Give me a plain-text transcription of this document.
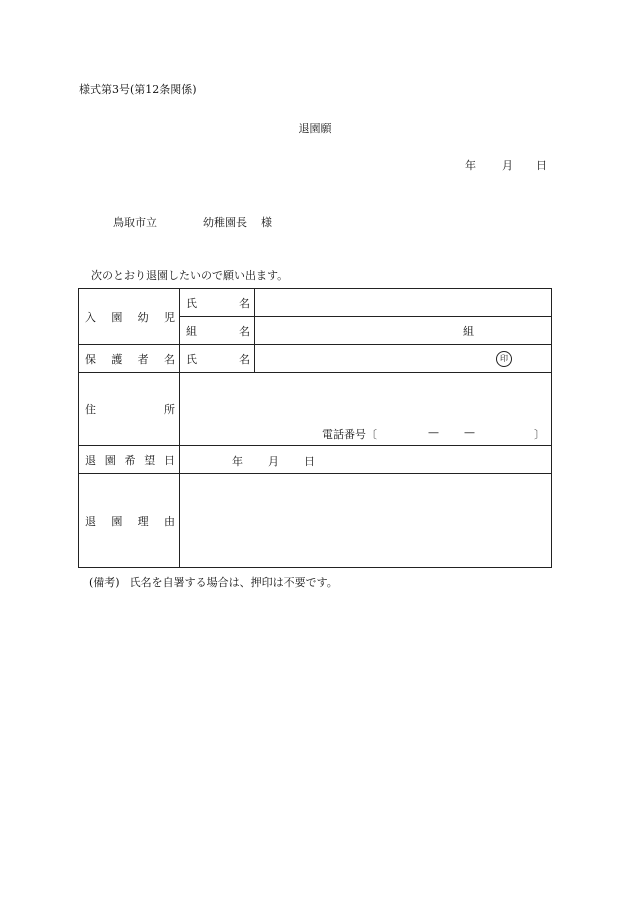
様式第3号(第12条関係)
退園願
年 月 日
鳥取市立	幼稚園長 様
次のとおり退園したいので願い出ます。
入 園 幼 児	氏 名	

	組 名	組

保 護 者 名	氏 名	印

住 所	電話番号〔 — — 〕	

退 園 希 望 日	年 月 日	

退 園 理 由		

(備考) 氏名を自署する場合は、押印は不要です。
